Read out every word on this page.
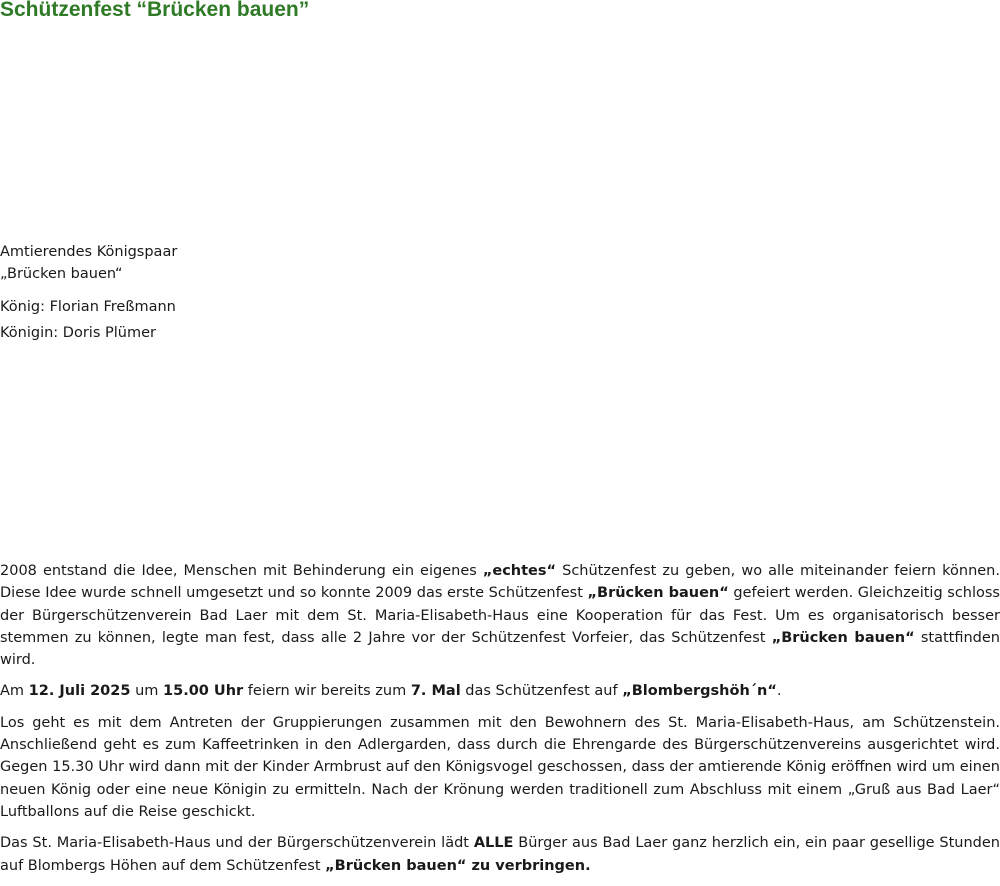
Schützenfest “Brücken bauen”

Amtierendes Königspaar

„Brücken bauen“

König: Florian Freßmann

Königin: Doris Plümer

2008 entstand die Idee, Menschen mit Behinderung ein eigenes „echtes“ Schützenfest zu geben, wo alle miteinander feiern können. Diese Idee wurde schnell umgesetzt und so konnte 2009 das erste Schützenfest „Brücken bauen“ gefeiert werden. Gleichzeitig schloss der Bürgerschützenverein Bad Laer mit dem St. Maria-Elisabeth-Haus eine Kooperation für das Fest. Um es organisatorisch besser stemmen zu können, legte man fest, dass alle 2 Jahre vor der Schützenfest Vorfeier, das Schützenfest „Brücken bauen“ stattfinden wird.

Am 12. Juli 2025 um 15.00 Uhr feiern wir bereits zum 7. Mal das Schützenfest auf „Blombergshöh´n“.

Los geht es mit dem Antreten der Gruppierungen zusammen mit den Bewohnern des St. Maria-Elisabeth-Haus, am Schützenstein. Anschließend geht es zum Kaffeetrinken in den Adlergarden, dass durch die Ehrengarde des Bürgerschützenvereins ausgerichtet wird. Gegen 15.30 Uhr wird dann mit der Kinder Armbrust auf den Königsvogel geschossen, dass der amtierende König eröffnen wird um einen neuen König oder eine neue Königin zu ermitteln. Nach der Krönung werden traditionell zum Abschluss mit einem „Gruß aus Bad Laer“ Luftballons auf die Reise geschickt.

Das St. Maria-Elisabeth-Haus und der Bürgerschützenverein lädt ALLE Bürger aus Bad Laer ganz herzlich ein, ein paar gesellige Stunden auf Blombergs Höhen auf dem Schützenfest „Brücken bauen“ zu verbringen.
